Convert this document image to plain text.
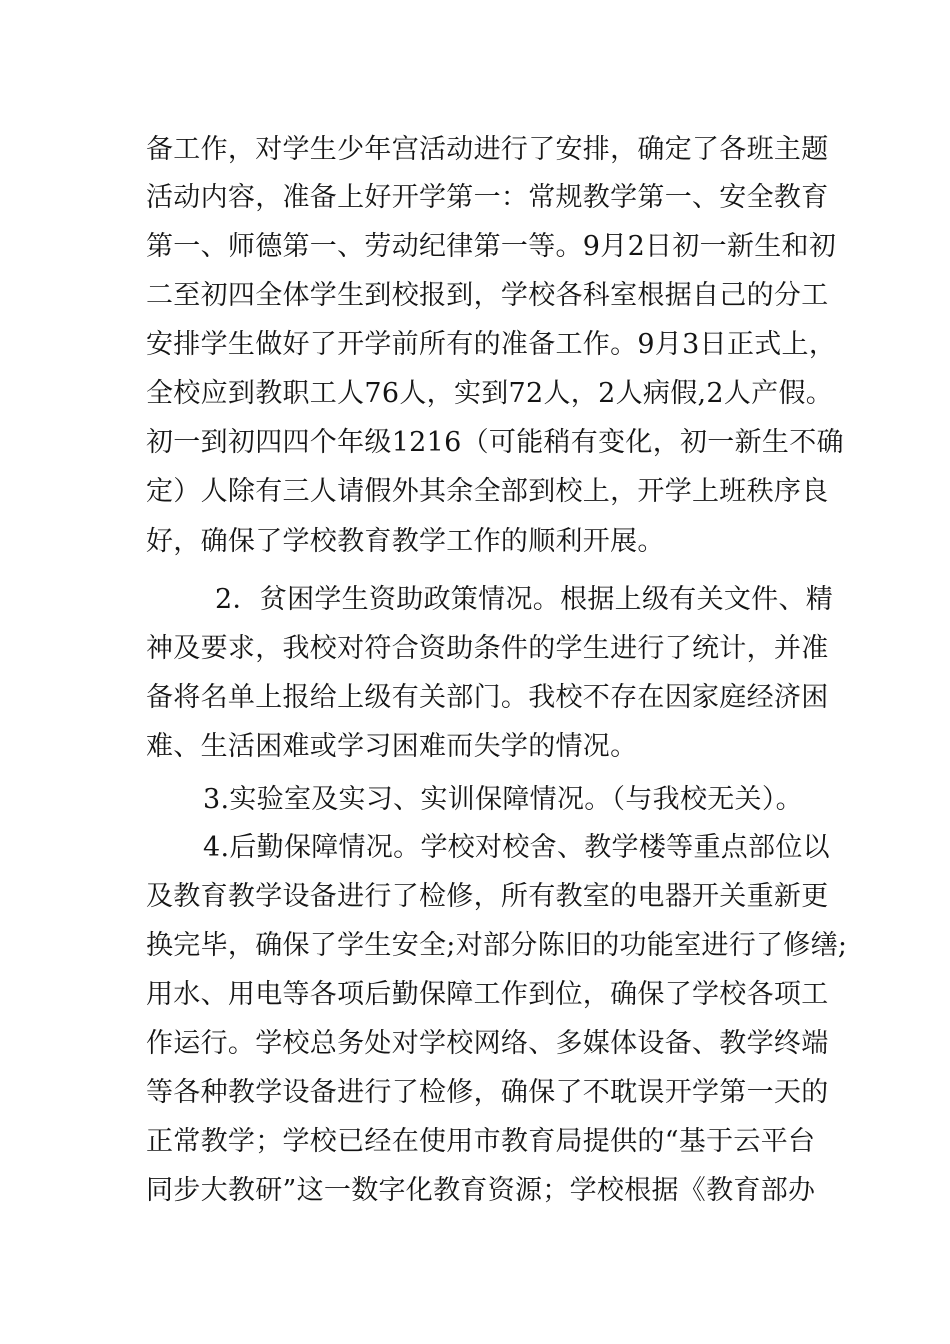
备工作，对学生少年宫活动进行了安排，确定了各班主题
活动内容，准备上好开学第一：常规教学第一、安全教育
第一、师德第一、劳动纪律第一等。9月2日初一新生和初
二至初四全体学生到校报到，学校各科室根据自己的分工
安排学生做好了开学前所有的准备工作。9月3日正式上，
全校应到教职工人76人，实到72人，2人病假,2人产假。
初一到初四四个年级1216（可能稍有变化，初一新生不确
定）人除有三人请假外其余全部到校上，开学上班秩序良
好，确保了学校教育教学工作的顺利开展。
2．贫困学生资助政策情况。根据上级有关文件、精
神及要求，我校对符合资助条件的学生进行了统计，并准
备将名单上报给上级有关部门。我校不存在因家庭经济困
难、生活困难或学习困难而失学的情况。
3.实验室及实习、实训保障情况。（与我校无关）。
4.后勤保障情况。学校对校舍、教学楼等重点部位以
及教育教学设备进行了检修，所有教室的电器开关重新更
换完毕，确保了学生安全;对部分陈旧的功能室进行了修缮;
用水、用电等各项后勤保障工作到位，确保了学校各项工
作运行。学校总务处对学校网络、多媒体设备、教学终端
等各种教学设备进行了检修，确保了不耽误开学第一天的
正常教学；学校已经在使用市教育局提供的“基于云平台
同步大教研”这一数字化教育资源；学校根据《教育部办
